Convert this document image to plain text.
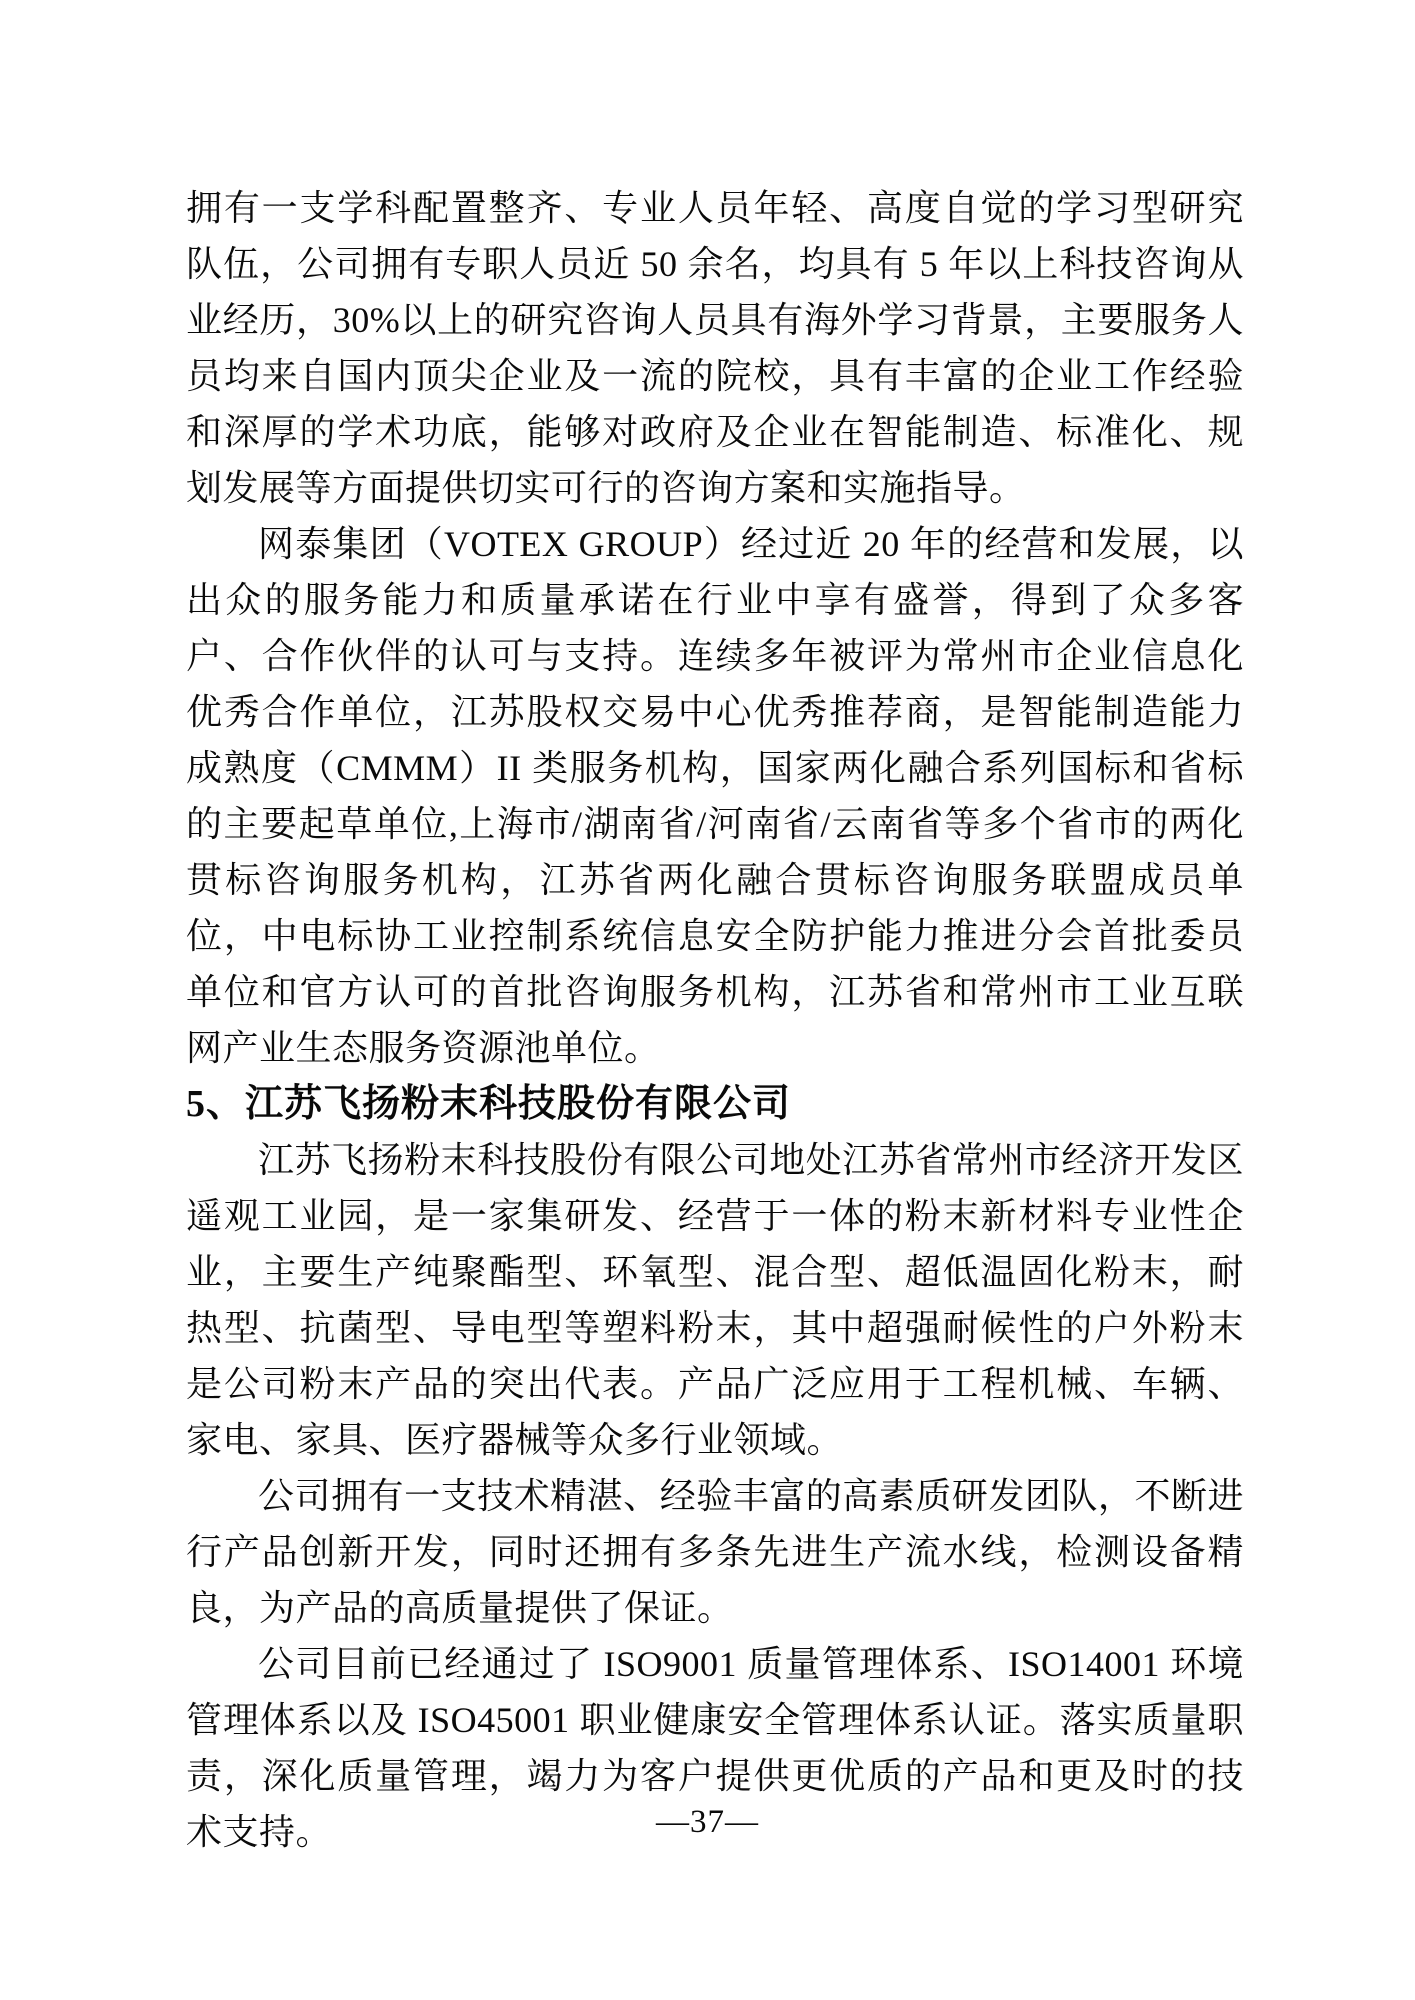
拥有一支学科配置整齐、专业人员年轻、高度自觉的学习型研究队伍，公司拥有专职人员近 50 余名，均具有 5 年以上科技咨询从业经历，30%以上的研究咨询人员具有海外学习背景，主要服务人员均来自国内顶尖企业及一流的院校，具有丰富的企业工作经验和深厚的学术功底，能够对政府及企业在智能制造、标准化、规划发展等方面提供切实可行的咨询方案和实施指导。

网泰集团（VOTEX GROUP）经过近 20 年的经营和发展，以出众的服务能力和质量承诺在行业中享有盛誉，得到了众多客户、合作伙伴的认可与支持。连续多年被评为常州市企业信息化优秀合作单位，江苏股权交易中心优秀推荐商，是智能制造能力成熟度（CMMM）II 类服务机构，国家两化融合系列国标和省标的主要起草单位,上海市/湖南省/河南省/云南省等多个省市的两化贯标咨询服务机构，江苏省两化融合贯标咨询服务联盟成员单位，中电标协工业控制系统信息安全防护能力推进分会首批委员单位和官方认可的首批咨询服务机构，江苏省和常州市工业互联网产业生态服务资源池单位。

5、江苏飞扬粉末科技股份有限公司

江苏飞扬粉末科技股份有限公司地处江苏省常州市经济开发区遥观工业园，是一家集研发、经营于一体的粉末新材料专业性企业，主要生产纯聚酯型、环氧型、混合型、超低温固化粉末，耐热型、抗菌型、导电型等塑料粉末，其中超强耐候性的户外粉末是公司粉末产品的突出代表。产品广泛应用于工程机械、车辆、家电、家具、医疗器械等众多行业领域。

公司拥有一支技术精湛、经验丰富的高素质研发团队，不断进行产品创新开发，同时还拥有多条先进生产流水线，检测设备精良，为产品的高质量提供了保证。

公司目前已经通过了 ISO9001 质量管理体系、ISO14001 环境管理体系以及 ISO45001 职业健康安全管理体系认证。落实质量职责，深化质量管理，竭力为客户提供更优质的产品和更及时的技术支持。	—37—
